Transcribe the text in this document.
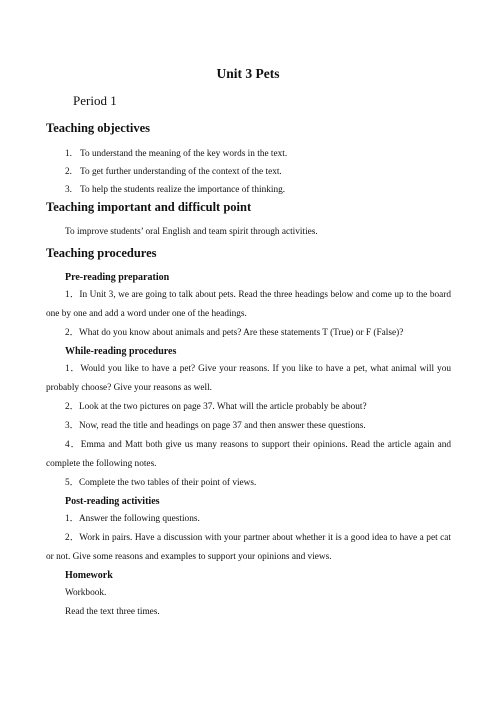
Unit 3 Pets
Period 1
Teaching objectives
1. To understand the meaning of the key words in the text.
2. To get further understanding of the context of the text.
3. To help the students realize the importance of thinking.
Teaching important and difficult point
To improve students’ oral English and team spirit through activities.
Teaching procedures
Pre-reading preparation
1．In Unit 3, we are going to talk about pets. Read the three headings below and come up to the board one by one and add a word under one of the headings.
2．What do you know about animals and pets? Are these statements T (True) or F (False)?
While-reading procedures
1．Would you like to have a pet? Give your reasons. If you like to have a pet, what animal will you probably choose? Give your reasons as well.
2．Look at the two pictures on page 37. What will the article probably be about?
3．Now, read the title and headings on page 37 and then answer these questions.
4．Emma and Matt both give us many reasons to support their opinions. Read the article again and complete the following notes.
5．Complete the two tables of their point of views.
Post-reading activities
1．Answer the following questions.
2．Work in pairs. Have a discussion with your partner about whether it is a good idea to have a pet cat or not. Give some reasons and examples to support your opinions and views.
Homework
Workbook.
Read the text three times.
